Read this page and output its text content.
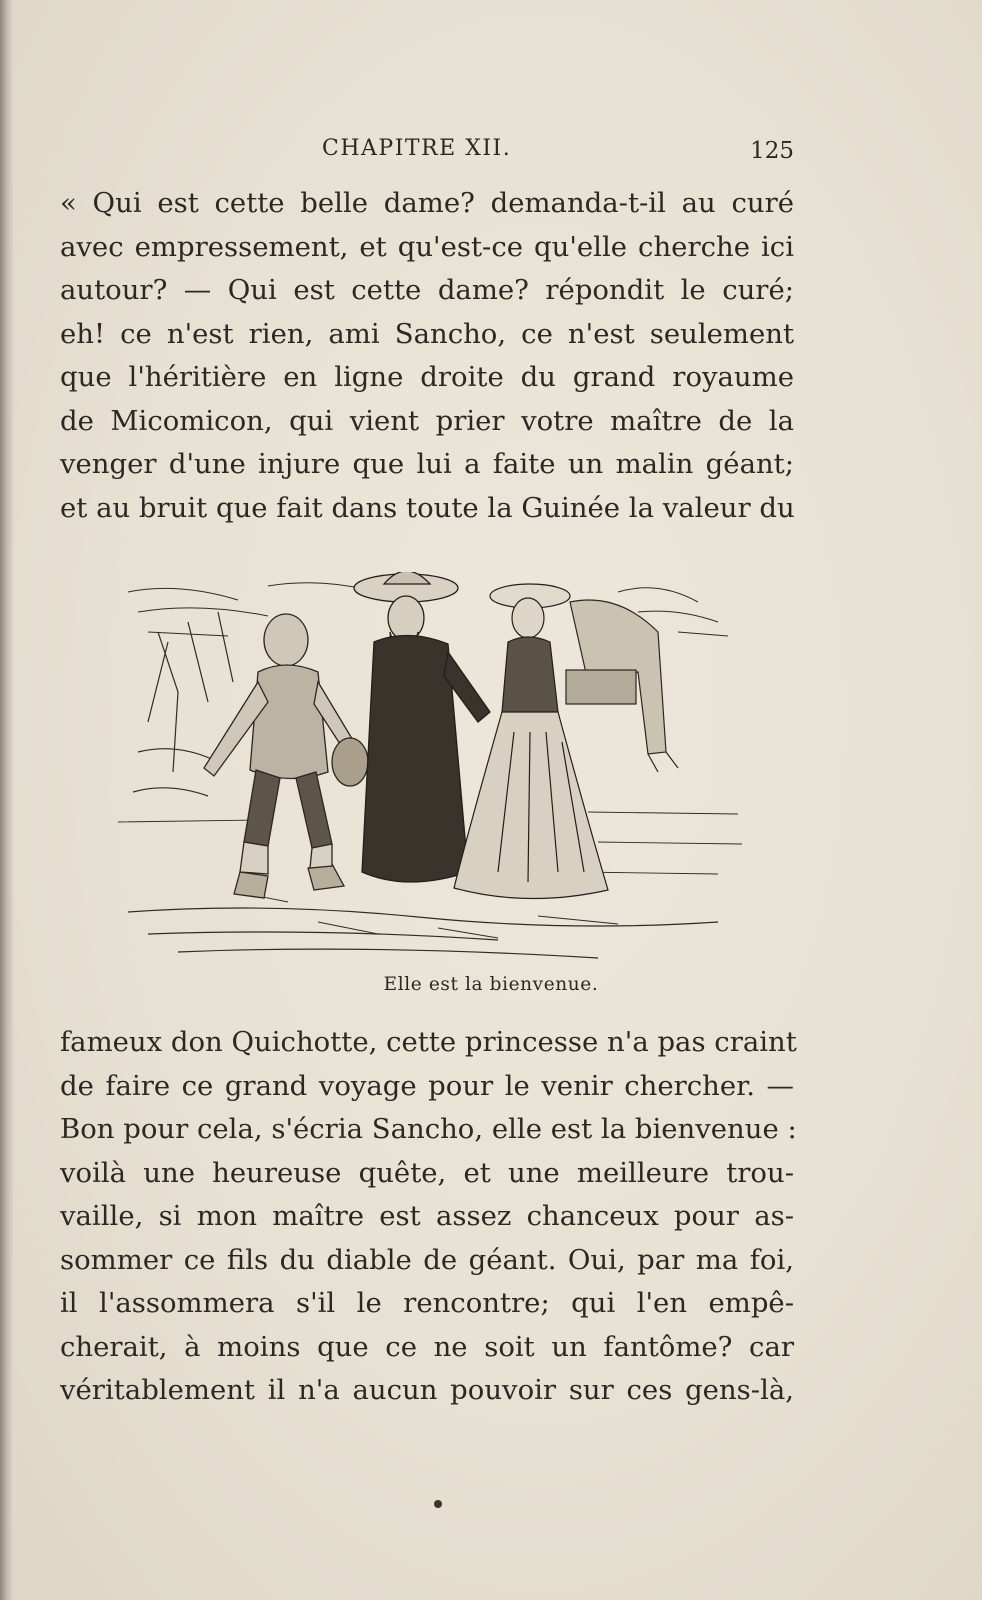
CHAPITRE XII.	125
« Qui est cette belle dame? demanda-t-il au curé
avec empressement, et qu'est-ce qu'elle cherche ici
autour? — Qui est cette dame? répondit le curé;
eh! ce n'est rien, ami Sancho, ce n'est seulement
que l'héritière en ligne droite du grand royaume
de Micomicon, qui vient prier votre maître de la
venger d'une injure que lui a faite un malin géant;
et au bruit que fait dans toute la Guinée la valeur du
Elle est la bienvenue.
fameux don Quichotte, cette princesse n'a pas craint
de faire ce grand voyage pour le venir chercher. —
Bon pour cela, s'écria Sancho, elle est la bienvenue :
voilà une heureuse quête, et une meilleure trou-
vaille, si mon maître est assez chanceux pour as-
sommer ce fils du diable de géant. Oui, par ma foi,
il l'assommera s'il le rencontre; qui l'en empê-
cherait, à moins que ce ne soit un fantôme? car
véritablement il n'a aucun pouvoir sur ces gens-là,
